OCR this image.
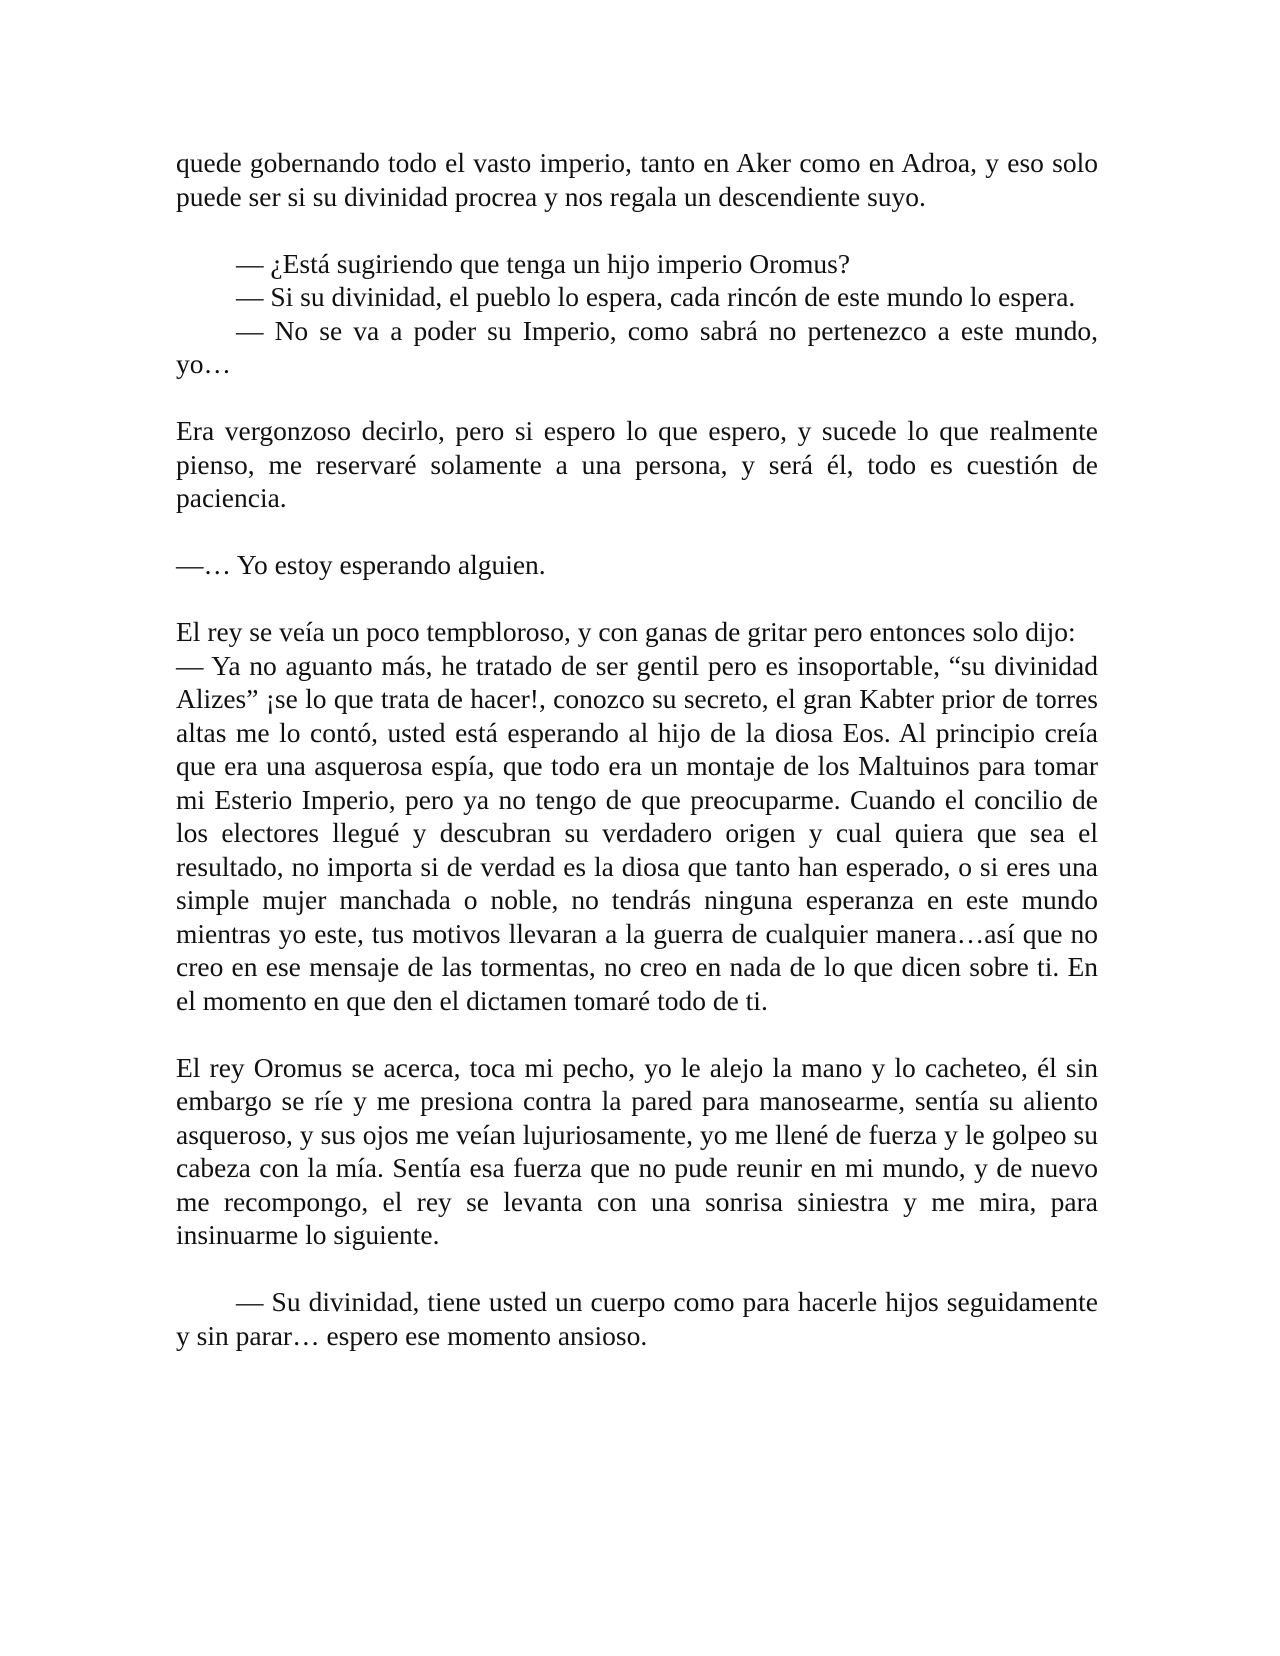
quede gobernando todo el vasto imperio, tanto en Aker como en Adroa, y eso solo puede ser si su divinidad procrea y nos regala un descendiente suyo.

— ¿Está sugiriendo que tenga un hijo imperio Oromus?

— Si su divinidad, el pueblo lo espera, cada rincón de este mundo lo espera.

— No se va a poder su Imperio, como sabrá no pertenezco a este mundo, yo…

Era vergonzoso decirlo, pero si espero lo que espero, y sucede lo que realmente pienso, me reservaré solamente a una persona, y será él, todo es cuestión de paciencia.

—… Yo estoy esperando alguien.

El rey se veía un poco tempbloroso, y con ganas de gritar pero entonces solo dijo:

— Ya no aguanto más, he tratado de ser gentil pero es insoportable, “su divinidad Alizes” ¡se lo que trata de hacer!, conozco su secreto, el gran Kabter prior de torres altas me lo contó, usted está esperando al hijo de la diosa Eos. Al principio creía que era una asquerosa espía, que todo era un montaje de los Maltuinos para tomar mi Esterio Imperio, pero ya no tengo de que preocuparme. Cuando el concilio de los electores llegué y descubran su verdadero origen y cual quiera que sea el resultado, no importa si de verdad es la diosa que tanto han esperado, o si eres una simple mujer manchada o noble, no tendrás ninguna esperanza en este mundo mientras yo este, tus motivos llevaran a la guerra de cualquier manera…así que no creo en ese mensaje de las tormentas, no creo en nada de lo que dicen sobre ti. En el momento en que den el dictamen tomaré todo de ti.

El rey Oromus se acerca, toca mi pecho, yo le alejo la mano y lo cacheteo, él sin embargo se ríe y me presiona contra la pared para manosearme, sentía su aliento asqueroso, y sus ojos me veían lujuriosamente, yo me llené de fuerza y le golpeo su cabeza con la mía. Sentía esa fuerza que no pude reunir en mi mundo, y de nuevo me recompongo, el rey se levanta con una sonrisa siniestra y me mira, para insinuarme lo siguiente.

— Su divinidad, tiene usted un cuerpo como para hacerle hijos seguidamente y sin parar… espero ese momento ansioso.
